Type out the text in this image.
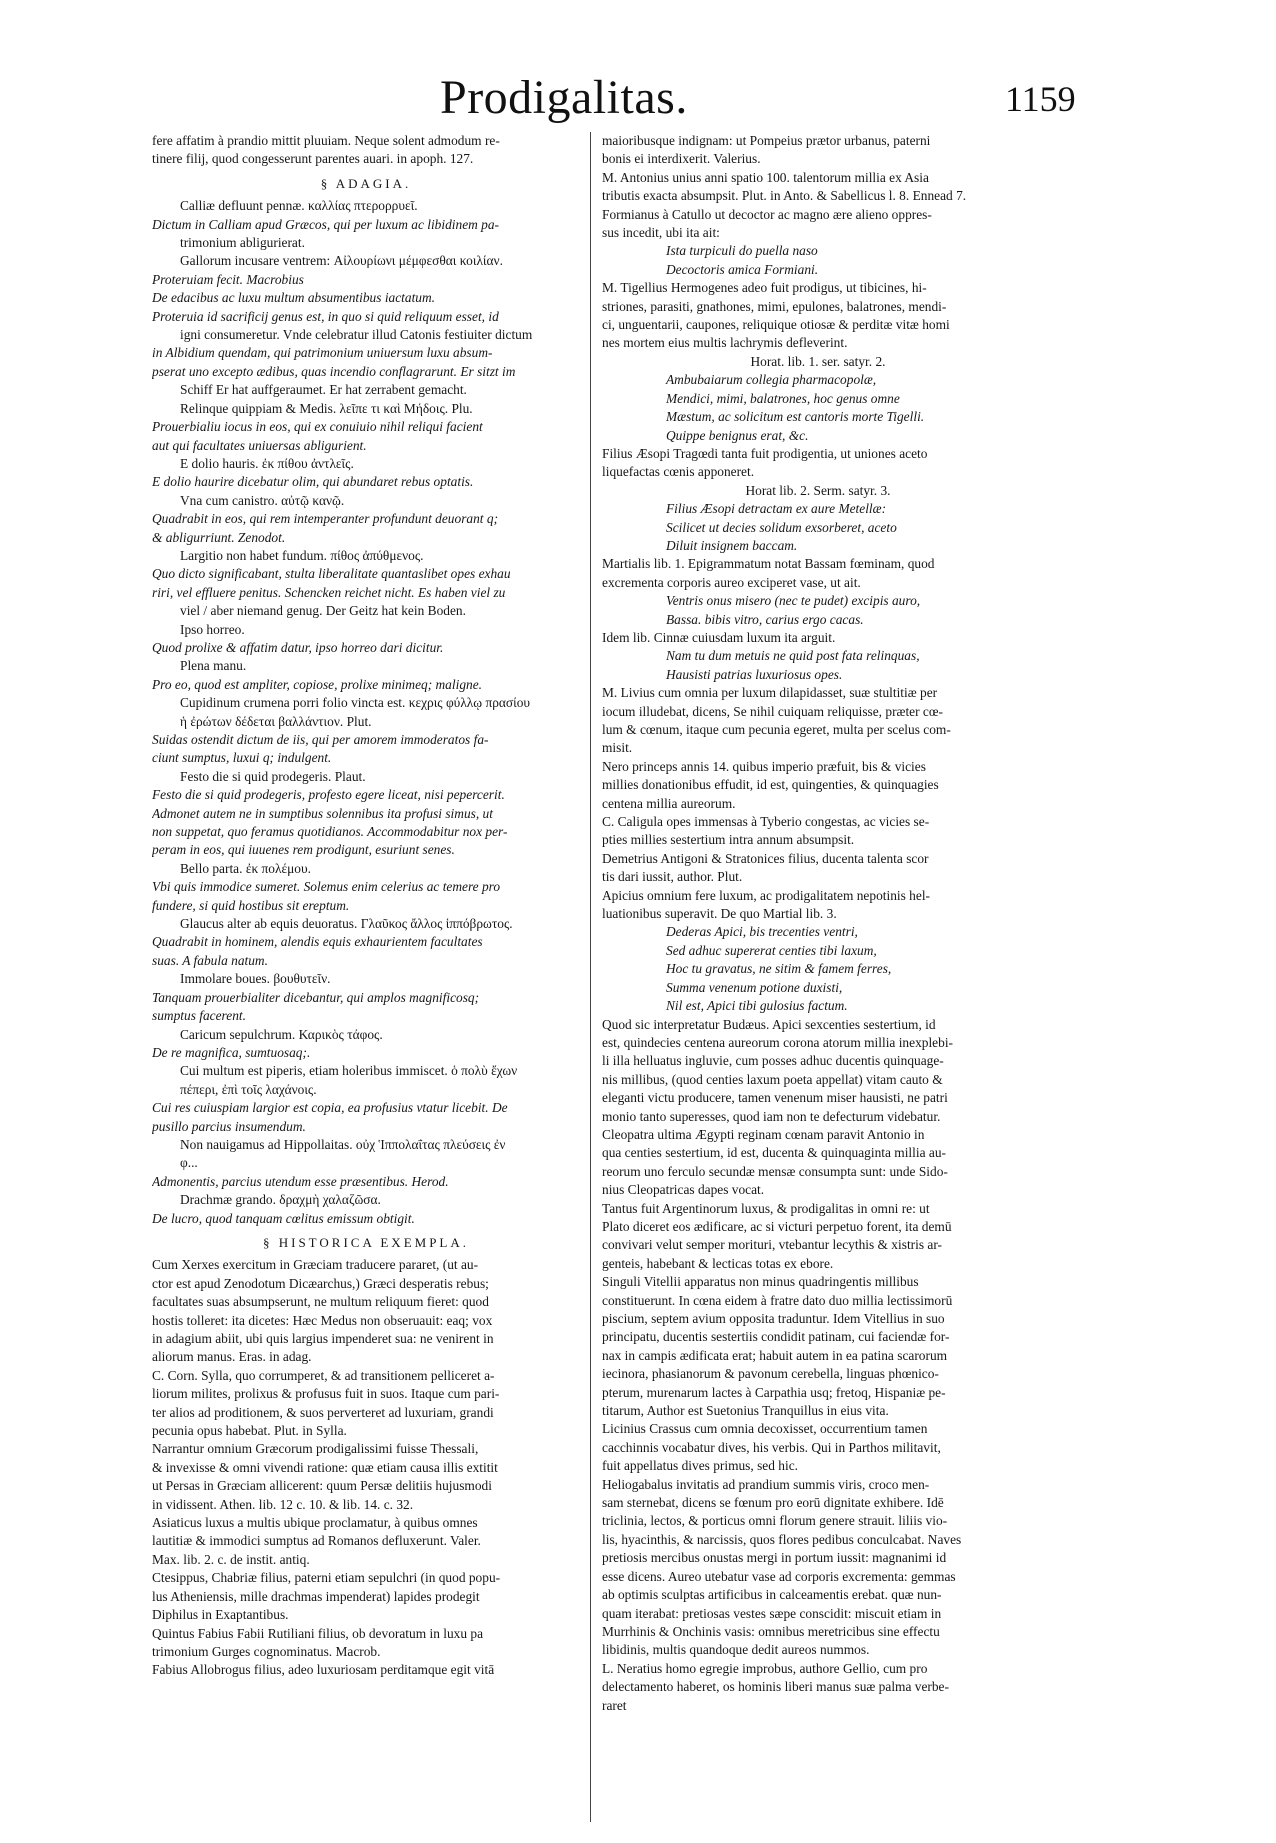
Prodigalitas.	1159
fere affatim à prandio mittit pluuiam. Neque solent admodum re-
tinere filij, quod congesserunt parentes auari. in apoph. 127.
§ ADAGIA.
Calliæ defluunt pennæ. καλλίας πτερορρυεῖ.
Dictum in Calliam apud Græcos, qui per luxum ac libidinem pa-
trimonium abligurierat.
Gallorum incusare ventrem: Αἰλουρίωνι μέμφεσθαι κοιλίαν.
Proteruiam fecit. Macrobius
De edacibus ac luxu multum absumentibus iactatum.
Proteruia id sacrificij genus est, in quo si quid reliquum esset, id
igni consumeretur. Vnde celebratur illud Catonis festiuiter dictum
in Albidium quendam, qui patrimonium uniuersum luxu absum-
pserat uno excepto ædibus, quas incendio conflagrarunt. Er sitzt im
Schiff Er hat auffgeraumet. Er hat zerrabent gemacht.
Relinque quippiam & Medis. λεῖπε τι καὶ Μήδοις. Plu.
Prouerbialiu iocus in eos, qui ex conuiuio nihil reliqui facient
aut qui facultates uniuersas abligurient.
E dolio hauris. ἐκ πίθου ἀντλεῖς.
E dolio haurire dicebatur olim, qui abundaret rebus optatis.
Vna cum canistro. αὐτῷ κανῷ.
Quadrabit in eos, qui rem intemperanter profundunt deuorant q;
& abligurriunt. Zenodot.
Largitio non habet fundum. πίθος ἀπύθμενος.
Quo dicto significabant, stulta liberalitate quantaslibet opes exhau
riri, vel effluere penitus. Schencken reichet nicht. Es haben viel zu
viel / aber niemand genug. Der Geitz hat kein Boden.
Ipso horreo.
Quod prolixe & affatim datur, ipso horreo dari dicitur.
Plena manu.
Pro eo, quod est ampliter, copiose, prolixe minimeq; maligne.
Cupidinum crumena porri folio vincta est. κεχρις φύλλῳ πρασίου
ἡ ἐρώτων δέδεται βαλλάντιον. Plut.
Suidas ostendit dictum de iis, qui per amorem immoderatos fa-
ciunt sumptus, luxui q; indulgent.
Festo die si quid prodegeris. Plaut.
Festo die si quid prodegeris, profesto egere liceat, nisi pepercerit.
Admonet autem ne in sumptibus solennibus ita profusi simus, ut
non suppetat, quo feramus quotidianos. Accommodabitur nox per-
peram in eos, qui iuuenes rem prodigunt, esuriunt senes.
Bello parta. ἐκ πολέμου.
Vbi quis immodice sumeret. Solemus enim celerius ac temere pro
fundere, si quid hostibus sit ereptum.
Glaucus alter ab equis deuoratus. Γλαῦκος ἄλλος ἱππόβρωτος.
Quadrabit in hominem, alendis equis exhaurientem facultates
suas. A fabula natum.
Immolare boues. βουθυτεῖν.
Tanquam prouerbialiter dicebantur, qui amplos magnificosq;
sumptus facerent.
Caricum sepulchrum. Καρικὸς τάφος.
De re magnifica, sumtuosaq;.
Cui multum est piperis, etiam holeribus immiscet. ὁ πολὺ ἔχων
πέπερι, ἐπὶ τοῖς λαχάνοις.
Cui res cuiuspiam largior est copia, ea profusius vtatur licebit. De
pusillo parcius insumendum.
Non nauigamus ad Hippollaitas. οὐχ Ἱππολαΐτας πλεύσεις ἐν
φ...
Admonentis, parcius utendum esse præsentibus. Herod.
Drachmæ grando. δραχμὴ χαλαζῶσα.
De lucro, quod tanquam cœlitus emissum obtigit.
§ HISTORICA EXEMPLA.
Cum Xerxes exercitum in Græciam traducere pararet, (ut au-
ctor est apud Zenodotum Dicæarchus,) Græci desperatis rebus;
facultates suas absumpserunt, ne multum reliquum fieret: quod
hostis tolleret: ita dicetes: Hæc Medus non obseruauit: eaq; vox
in adagium abiit, ubi quis largius impenderet sua: ne venirent in
aliorum manus. Eras. in adag.
C. Corn. Sylla, quo corrumperet, & ad transitionem pelliceret a-
liorum milites, prolixus & profusus fuit in suos. Itaque cum pari-
ter alios ad proditionem, & suos perverteret ad luxuriam, grandi
pecunia opus habebat. Plut. in Sylla.
Narrantur omnium Græcorum prodigalissimi fuisse Thessali,
& invexisse & omni vivendi ratione: quæ etiam causa illis extitit
ut Persas in Græciam allicerent: quum Persæ delitiis hujusmodi
in vidissent. Athen. lib. 12 c. 10. & lib. 14. c. 32.
Asiaticus luxus a multis ubique proclamatur, à quibus omnes
lautitiæ & immodici sumptus ad Romanos defluxerunt. Valer.
Max. lib. 2. c. de instit. antiq.
Ctesippus, Chabriæ filius, paterni etiam sepulchri (in quod popu-
lus Atheniensis, mille drachmas impenderat) lapides prodegit
Diphilus in Exaptantibus.
Quintus Fabius Fabii Rutiliani filius, ob devoratum in luxu pa
trimonium Gurges cognominatus. Macrob.
Fabius Allobrogus filius, adeo luxuriosam perditamque egit vitā
maioribusque indignam: ut Pompeius prætor urbanus, paterni
bonis ei interdixerit. Valerius.
M. Antonius unius anni spatio 100. talentorum millia ex Asia
tributis exacta absumpsit. Plut. in Anto. & Sabellicus l. 8. Ennead 7.
Formianus à Catullo ut decoctor ac magno ære alieno oppres-
sus incedit, ubi ita ait:
Ista turpiculi do puella naso
Decoctoris amica Formiani.
M. Tigellius Hermogenes adeo fuit prodigus, ut tibicines, hi-
striones, parasiti, gnathones, mimi, epulones, balatrones, mendi-
ci, unguentarii, caupones, reliquique otiosæ & perditæ vitæ homi
nes mortem eius multis lachrymis defleverint.
Horat. lib. 1. ser. satyr. 2.
Ambubaiarum collegia pharmacopolæ,
Mendici, mimi, balatrones, hoc genus omne
Mæstum, ac solicitum est cantoris morte Tigelli.
Quippe benignus erat, &c.
Filius Æsopi Tragœdi tanta fuit prodigentia, ut uniones aceto
liquefactas cœnis apponeret.
Horat lib. 2. Serm. satyr. 3.
Filius Æsopi detractam ex aure Metellæ:
Scilicet ut decies solidum exsorberet, aceto
Diluit insignem baccam.
Martialis lib. 1. Epigrammatum notat Bassam fœminam, quod
excrementa corporis aureo exciperet vase, ut ait.
Ventris onus misero (nec te pudet) excipis auro,
Bassa. bibis vitro, carius ergo cacas.
Idem lib. Cinnæ cuiusdam luxum ita arguit.
Nam tu dum metuis ne quid post fata relinquas,
Hausisti patrias luxuriosus opes.
M. Livius cum omnia per luxum dilapidasset, suæ stultitiæ per
iocum illudebat, dicens, Se nihil cuiquam reliquisse, præter cœ-
lum & cœnum, itaque cum pecunia egeret, multa per scelus com-
misit.
Nero princeps annis 14. quibus imperio præfuit, bis & vicies
millies donationibus effudit, id est, quingenties, & quinquagies
centena millia aureorum.
C. Caligula opes immensas à Tyberio congestas, ac vicies se-
pties millies sestertium intra annum absumpsit.
Demetrius Antigoni & Stratonices filius, ducenta talenta scor
tis dari iussit, author. Plut.
Apicius omnium fere luxum, ac prodigalitatem nepotinis hel-
luationibus superavit. De quo Martial lib. 3.
Dederas Apici, bis trecenties ventri,
Sed adhuc supererat centies tibi laxum,
Hoc tu gravatus, ne sitim & famem ferres,
Summa venenum potione duxisti,
Nil est, Apici tibi gulosius factum.
Quod sic interpretatur Budæus. Apici sexcenties sestertium, id
est, quindecies centena aureorum corona atorum millia inexplebi-
li illa helluatus ingluvie, cum posses adhuc ducentis quinquage-
nis millibus, (quod centies laxum poeta appellat) vitam cauto &
eleganti victu producere, tamen venenum miser hausisti, ne patri
monio tanto superesses, quod iam non te defecturum videbatur.
Cleopatra ultima Ægypti reginam cœnam paravit Antonio in
qua centies sestertium, id est, ducenta & quinquaginta millia au-
reorum uno ferculo secundæ mensæ consumpta sunt: unde Sido-
nius Cleopatricas dapes vocat.
Tantus fuit Argentinorum luxus, & prodigalitas in omni re: ut
Plato diceret eos ædificare, ac si victuri perpetuo forent, ita demū
convivari velut semper morituri, vtebantur lecythis & xistris ar-
genteis, habebant & lecticas totas ex ebore.
Singuli Vitellii apparatus non minus quadringentis millibus
constituerunt. In cœna eidem à fratre dato duo millia lectissimorū
piscium, septem avium opposita traduntur. Idem Vitellius in suo
principatu, ducentis sestertiis condidit patinam, cui faciendæ for-
nax in campis ædificata erat; habuit autem in ea patina scarorum
iecinora, phasianorum & pavonum cerebella, linguas phœnico-
pterum, murenarum lactes à Carpathia usq; fretoq, Hispaniæ pe-
titarum, Author est Suetonius Tranquillus in eius vita.
Licinius Crassus cum omnia decoxisset, occurrentium tamen
cacchinnis vocabatur dives, his verbis. Qui in Parthos militavit,
fuit appellatus dives primus, sed hic.
Heliogabalus invitatis ad prandium summis viris, croco men-
sam sternebat, dicens se fœnum pro eorū dignitate exhibere. Idē
triclinia, lectos, & porticus omni florum genere strauit. liliis vio-
lis, hyacinthis, & narcissis, quos flores pedibus conculcabat. Naves
pretiosis mercibus onustas mergi in portum iussit: magnanimi id
esse dicens. Aureo utebatur vase ad corporis excrementa: gemmas
ab optimis sculptas artificibus in calceamentis erebat. quæ nun-
quam iterabat: pretiosas vestes sæpe conscidit: miscuit etiam in
Murrhinis & Onchinis vasis: omnibus meretricibus sine effectu
libidinis, multis quandoque dedit aureos nummos.
L. Neratius homo egregie improbus, authore Gellio, cum pro
delectamento haberet, os hominis liberi manus suæ palma verbe-
raret
